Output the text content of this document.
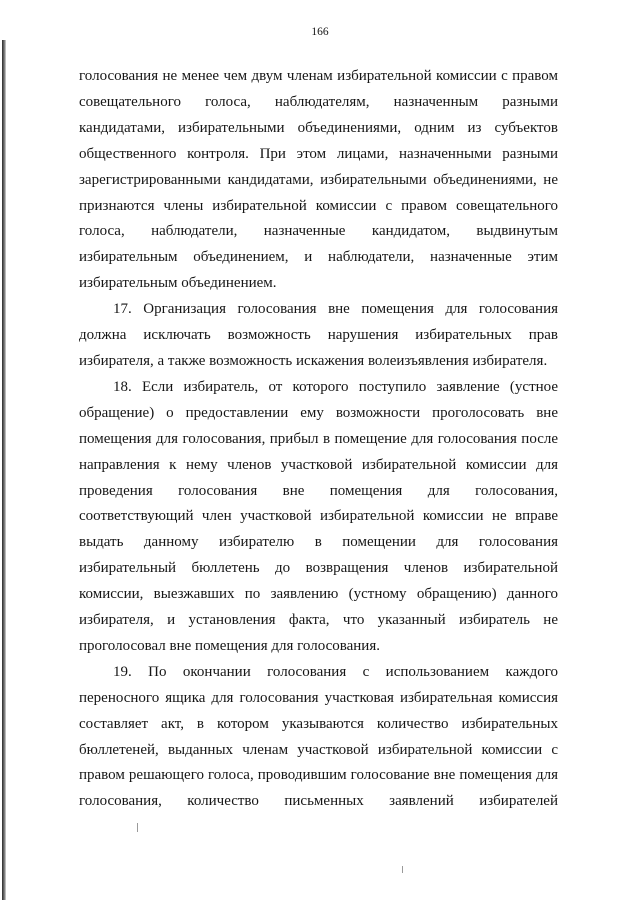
166

голосования не менее чем двум членам избирательной комиссии с правом совещательного голоса, наблюдателям, назначенным разными кандидатами, избирательными объединениями, одним из субъектов общественного контроля. При этом лицами, назначенными разными зарегистрированными кандидатами, избирательными объединениями, не признаются члены избирательной комиссии с правом совещательного голоса, наблюдатели, назначенные кандидатом, выдвинутым избирательным объединением, и наблюдатели, назначенные этим избирательным объединением.

17. Организация голосования вне помещения для голосования должна исключать возможность нарушения избирательных прав избирателя, а также возможность искажения волеизъявления избирателя.

18. Если избиратель, от которого поступило заявление (устное обращение) о предоставлении ему возможности проголосовать вне помещения для голосования, прибыл в помещение для голосования после направления к нему членов участковой избирательной комиссии для проведения голосования вне помещения для голосования, соответствующий член участковой избирательной комиссии не вправе выдать данному избирателю в помещении для голосования избирательный бюллетень до возвращения членов избирательной комиссии, выезжавших по заявлению (устному обращению) данного избирателя, и установления факта, что указанный избиратель не проголосовал вне помещения для голосования.

19. По окончании голосования с использованием каждого переносного ящика для голосования участковая избирательная комиссия составляет акт, в котором указываются количество избирательных бюллетеней, выданных членам участковой избирательной комиссии с правом решающего голоса, проводившим голосование вне помещения для голосования, количество письменных заявлений избирателей
